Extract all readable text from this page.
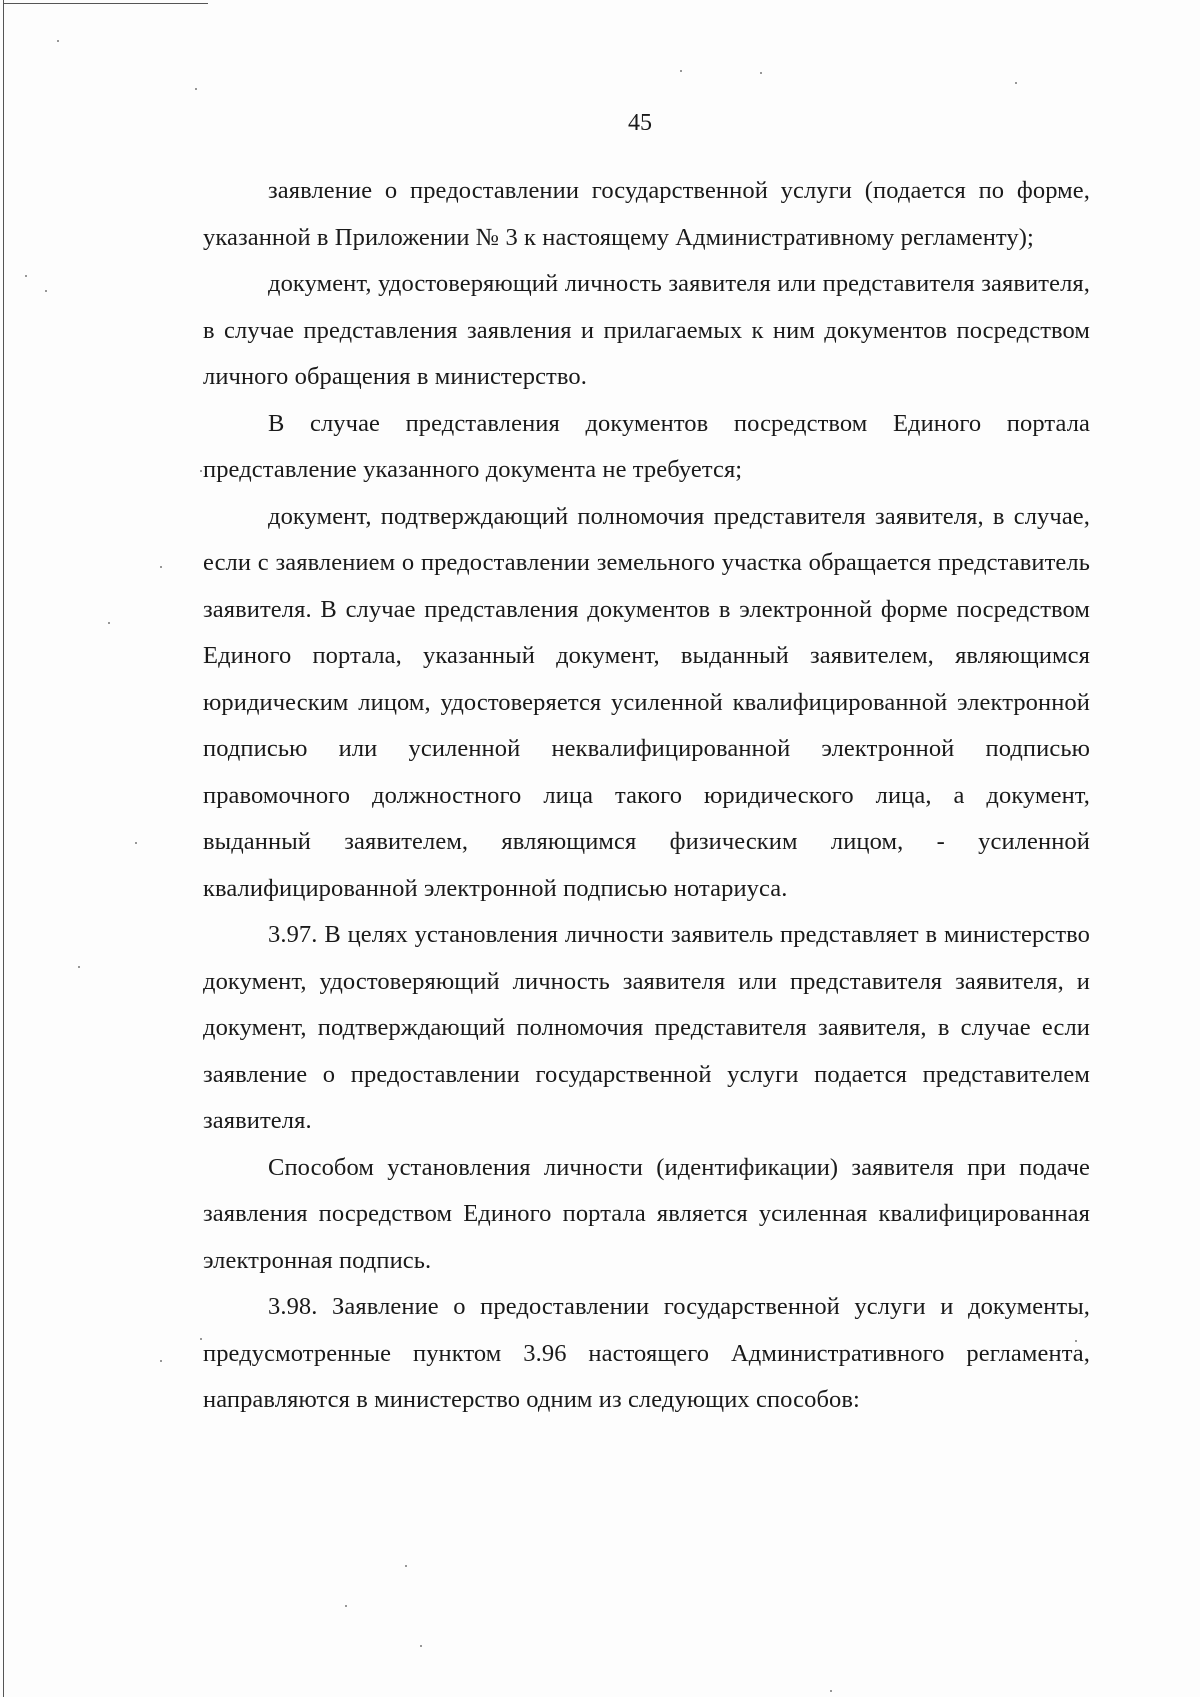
45

заявление о предоставлении государственной услуги (подается по форме, указанной в Приложении № 3 к настоящему Административному регламенту);

документ, удостоверяющий личность заявителя или представителя заявителя, в случае представления заявления и прилагаемых к ним документов посредством личного обращения в министерство.

В случае представления документов посредством Единого портала представление указанного документа не требуется;

документ, подтверждающий полномочия представителя заявителя, в случае, если с заявлением о предоставлении земельного участка обращается представитель заявителя. В случае представления документов в электронной форме посредством Единого портала, указанный документ, выданный заявителем, являющимся юридическим лицом, удостоверяется усиленной квалифицированной электронной подписью или усиленной неквалифицированной электронной подписью правомочного должностного лица такого юридического лица, а документ, выданный заявителем, являющимся физическим лицом, - усиленной квалифицированной электронной подписью нотариуса.

3.97. В целях установления личности заявитель представляет в министерство документ, удостоверяющий личность заявителя или представителя заявителя, и документ, подтверждающий полномочия представителя заявителя, в случае если заявление о предоставлении государственной услуги подается представителем заявителя.

Способом установления личности (идентификации) заявителя при подаче заявления посредством Единого портала является усиленная квалифицированная электронная подпись.

3.98. Заявление о предоставлении государственной услуги и документы, предусмотренные пунктом 3.96 настоящего Административного регламента, направляются в министерство одним из следующих способов:
